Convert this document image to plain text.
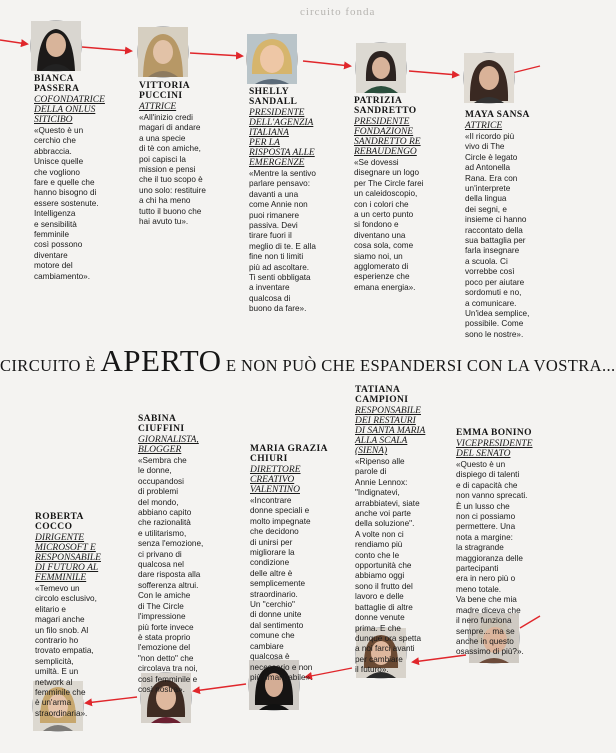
circuito fonda
BIANCA
PASSERA
COFONDATRICE
DELLA ONLUS
SITICIBO
«Questo è un
cerchio che
abbraccia.
Unisce quelle
che vogliono
fare e quelle che
hanno bisogno di
essere sostenute.
Intelligenza
e sensibilità
femminile
così possono
diventare
motore del
cambiamento».
VITTORIA
PUCCINI
ATTRICE
«All'inizio credi
magari di andare
a una specie
di tè con amiche,
poi capisci la
mission e pensi
che il tuo scopo è
uno solo: restituire
a chi ha meno
tutto il buono che
hai avuto tu».
SHELLY
SANDALL
PRESIDENTE
DELL'AGENZIA
ITALIANA
PER LA
RISPOSTA ALLE
EMERGENZE
«Mentre la sentivo
parlare pensavo:
davanti a una
come Annie non
puoi rimanere
passiva. Devi
tirare fuori il
meglio di te. E alla
fine non ti limiti
più ad ascoltare.
Ti senti obbligata
a inventare
qualcosa di
buono da fare».
PATRIZIA
SANDRETTO
PRESIDENTE
FONDAZIONE
SANDRETTO RE
REBAUDENGO
«Se dovessi
disegnare un logo
per The Circle farei
un caleidoscopio,
con i colori che
a un certo punto
si fondono e
diventano una
cosa sola, come
siamo noi, un
agglomerato di
esperienze che
emana energia».
MAYA SANSA
ATTRICE
«Il ricordo più
vivo di The
Circle è legato
ad Antonella
Rana. Era con
un'interprete
della lingua
dei segni, e
insieme ci hanno
raccontato della
sua battaglia per
farla insegnare
a scuola. Ci
vorrebbe così
poco per aiutare
sordomuti e no,
a comunicare.
Un'idea semplice,
possibile. Come
sono le nostre».
CIRCUITO È APERTO E NON PUÒ CHE ESPANDERSI CON LA VOSTRA...
ROBERTA
COCCO
DIRIGENTE
MICROSOFT E
RESPONSABILE
DI FUTURO AL
FEMMINILE
«Temevo un
circolo esclusivo,
elitario e
magari anche
un filo snob. Al
contrario ho
trovato empatia,
semplicità,
umiltà. E un
network al
femminile che
è un'arma
straordinaria».
SABINA
CIUFFINI
GIORNALISTA,
BLOGGER
«Sembra che
le donne,
occupandosi
di problemi
del mondo,
abbiano capito
che razionalità
e utilitarismo,
senza l'emozione,
ci privano di
qualcosa nel
dare risposta alla
sofferenza altrui.
Con le amiche
di The Circle
l'impressione
più forte invece
è stata proprio
l'emozione del
"non detto" che
circolava tra noi,
così femminile e
così nostra».
MARIA GRAZIA
CHIURI
DIRETTORE
CREATIVO
VALENTINO
«Incontrare
donne speciali e
molto impegnate
che decidono
di unirsi per
migliorare la
condizione
delle altre è
semplicemente
straordinario.
Un "cerchio"
di donne unite
dal sentimento
comune che
cambiare
qualcosa è
necessario e non
più rimandabile».
TATIANA
CAMPIONI
RESPONSABILE
DEI RESTAURI
DI SANTA MARIA
ALLA SCALA
(SIENA)
«Ripenso alle
parole di
Annie Lennox:
"Indignatevi,
arrabbiatevi, siate
anche voi parte
della soluzione".
A volte non ci
rendiamo più
conto che le
opportunità che
abbiamo oggi
sono il frutto del
lavoro e delle
battaglie di altre
donne venute
prima. E che
dunque ora spetta
a noi farci avanti
per cambiare
il futuro».
EMMA BONINO
VICEPRESIDENTE
DEL SENATO
«Questo è un
dispiego di talenti
e di capacità che
non vanno sprecati.
È un lusso che
non ci possiamo
permettere. Una
nota a margine:
la stragrande
maggioranza delle
partecipanti
era in nero più o
meno totale.
Va bene che mia
madre diceva che
il nero funziona
sempre... ma se
anche in questo
osassimo di più?».
